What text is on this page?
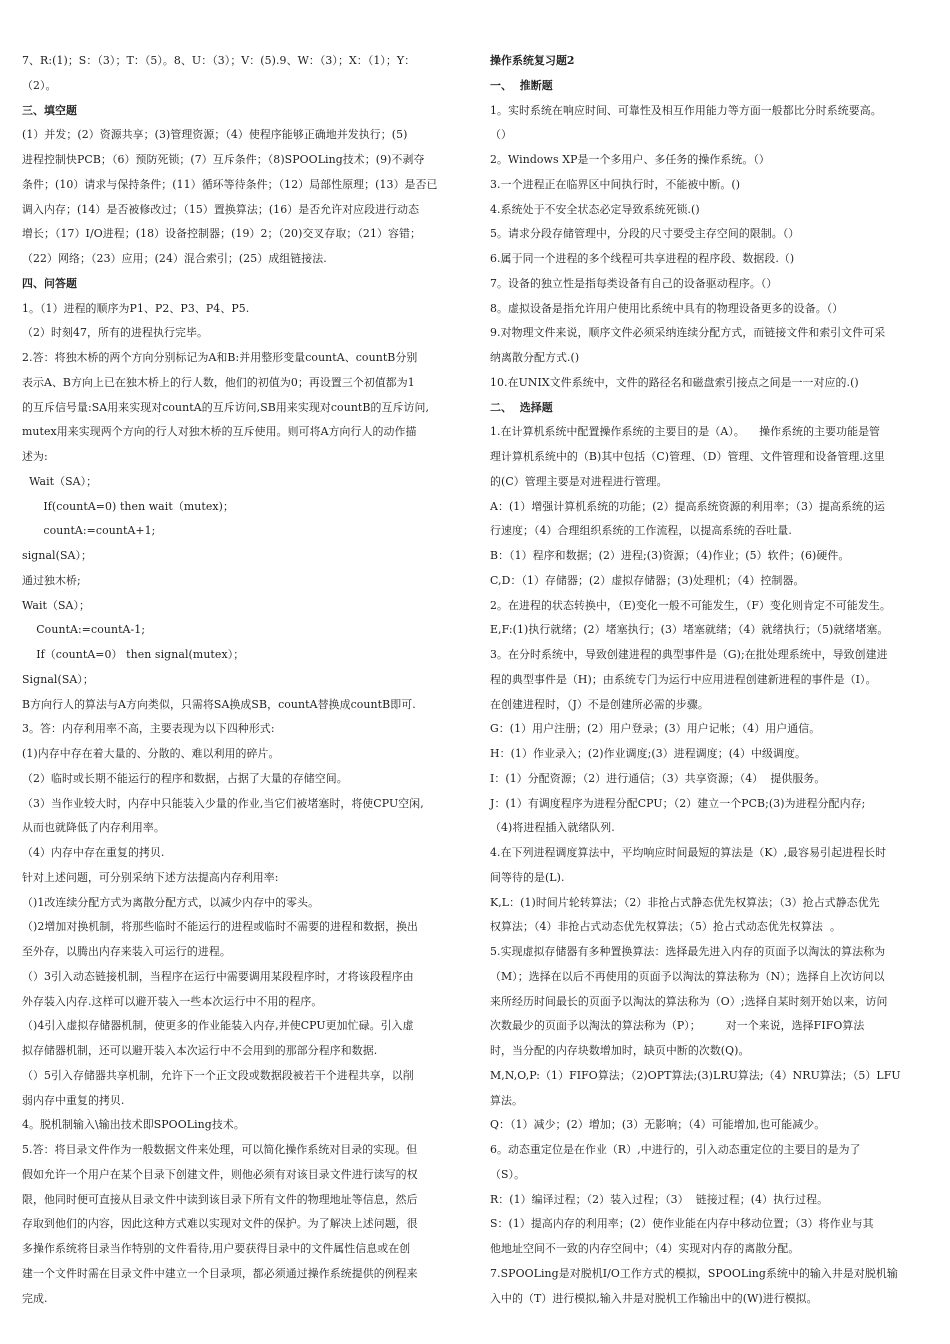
7、R:(1)；S：（3）；T：（5）。8、U：（3）；V：(5).9、W：（3）；X：（1）；Y：
（2）。
三、填空题
(1）并发；(2）资源共享；(3)管理资源；（4）使程序能够正确地并发执行；(5)
进程控制快PCB；（6）预防死锁；(7）互斥条件；（8)SPOOLing技术；(9)不剥夺
条件；(10）请求与保持条件；(11）循环等待条件；（12）局部性原理；(13）是否已
调入内存；(14）是否被修改过；（15）置换算法；(16）是否允许对应段进行动态
增长；（17）I/O进程；(18）设备控制器；(19）2；（20)交叉存取；（21）容错；
（22）网络；（23）应用；(24）混合索引；(25）成组链接法.
四、问答题
1。（1）进程的顺序为P1、P2、P3、P4、P5.
（2）时刻47，所有的进程执行完毕。
2.答：将独木桥的两个方向分别标记为A和B:并用整形变量countA、countB分别
表示A、B方向上已在独木桥上的行人数，他们的初值为0；再设置三个初值都为1
的互斥信号量:SA用来实现对countA的互斥访问,SB用来实现对countB的互斥访问,
mutex用来实现两个方向的行人对独木桥的互斥使用。则可将A方向行人的动作描
述为:
Wait（SA）；
If(countA=0) then wait（mutex)；
countA:=countA+1;
signal(SA）；
通过独木桥;
Wait（SA）；
CountA:=countA-1;
If（countA=0） then signal(mutex）；
Signal(SA）；
B方向行人的算法与A方向类似，只需将SA换成SB，countA替换成countB即可.
3。答：内存利用率不高，主要表现为以下四种形式:
(1)内存中存在着大量的、分散的、难以利用的碎片。
（2）临时或长期不能运行的程序和数据，占据了大量的存储空间。
（3）当作业较大时，内存中只能装入少量的作业,当它们被堵塞时，将使CPU空闲,
从而也就降低了内存利用率。
（4）内存中存在重复的拷贝.
针对上述问题，可分别采纳下述方法提高内存利用率:
（)1改连续分配方式为离散分配方式，以减少内存中的零头。
（)2增加对换机制，将那些临时不能运行的进程或临时不需要的进程和数据，换出
至外存，以腾出内存来装入可运行的进程。
（）3引入动态链接机制，当程序在运行中需要调用某段程序时，才将该段程序由
外存装入内存.这样可以避开装入一些本次运行中不用的程序。
（)4引入虚拟存储器机制，使更多的作业能装入内存,并使CPU更加忙碌。引入虚
拟存储器机制，还可以避开装入本次运行中不会用到的那部分程序和数据.
（）5引入存储器共享机制，允许下一个正文段或数据段被若干个进程共享，以削
弱内存中重复的拷贝.
4。脱机制输入\输出技术即SPOOLing技术。
5.答：将目录文件作为一般数据文件来处理，可以简化操作系统对目录的实现。但
假如允许一个用户在某个目录下创建文件，则他必须有对该目录文件进行读写的权
限，他同时便可直接从目录文件中读到该目录下所有文件的物理地址等信息，然后
存取到他们的内容，因此这种方式难以实现对文件的保护。为了解决上述问题，很
多操作系统将目录当作特别的文件看待,用户要获得目录中的文件属性信息或在创
建一个文件时需在目录文件中建立一个目录项，都必须通过操作系统提供的例程来
完成.
操作系统复习题2
一、  推断题
1。实时系统在响应时间、可靠性及相互作用能力等方面一般都比分时系统要高。
（）
2。Windows XP是一个多用户、多任务的操作系统。（）
3.一个进程正在临界区中间执行时，不能被中断。()
4.系统处于不安全状态必定导致系统死锁.()
5。请求分段存储管理中，分段的尺寸要受主存空间的限制。（）
6.属于同一个进程的多个线程可共享进程的程序段、数据段.（)
7。设备的独立性是指每类设备有自己的设备驱动程序。（）
8。虚拟设备是指允许用户使用比系统中具有的物理设备更多的设备。（）
9.对物理文件来说，顺序文件必须采纳连续分配方式，而链接文件和索引文件可采
纳离散分配方式.()
10.在UNIX文件系统中，文件的路径名和磁盘索引接点之间是一一对应的.()
二、  选择题
1.在计算机系统中配置操作系统的主要目的是（A）。    操作系统的主要功能是管
理计算机系统中的（B)其中包括（C)管理、（D）管理、文件管理和设备管理.这里
的(C）管理主要是对进程进行管理。
A：(1）增强计算机系统的功能；(2）提高系统资源的利用率；（3）提高系统的运
行速度；（4）合理组织系统的工作流程，以提高系统的吞吐量.
B：（1）程序和数据；(2）进程;(3)资源；（4)作业；(5）软件；(6)硬件。
C,D：（1）存储器；(2）虚拟存储器；(3)处理机；（4）控制器。
2。在进程的状态转换中，（E)变化一般不可能发生，（F）变化则肯定不可能发生。
E,F:(1)执行就绪；(2）堵塞执行；(3）堵塞就绪；（4）就绪执行；（5)就绪堵塞。
3。在分时系统中，导致创建进程的典型事件是（G);在批处理系统中，导致创建进
程的典型事件是（H)；由系统专门为运行中应用进程创建新进程的事件是（I）。
在创建进程时，（J）不是创建所必需的步骤。
G：(1）用户注册；(2）用户登录；(3）用户记帐；（4）用户通信。
H：(1）作业录入；(2)作业调度;(3）进程调度；(4）中级调度。
I：(1）分配资源；（2）进行通信；（3）共享资源；（4）  提供服务。
J：(1）有调度程序为进程分配CPU；（2）建立一个PCB;(3)为进程分配内存;
（4)将进程插入就绪队列.
4.在下列进程调度算法中，平均响应时间最短的算法是（K）,最容易引起进程长时
间等待的是(L).
K,L：(1)时间片轮转算法；（2）非抢占式静态优先权算法；（3）抢占式静态优先
权算法；（4）非抢占式动态优先权算法；（5）抢占式动态优先权算法  。
5.实现虚拟存储器有多种置换算法：选择最先进入内存的页面予以淘汰的算法称为
（M）；选择在以后不再使用的页面予以淘汰的算法称为（N）；选择自上次访问以
来所经历时间最长的页面予以淘汰的算法称为（O）;选择自某时刻开始以来，访问
次数最少的页面予以淘汰的算法称为（P）；       对一个来说，选择FIFO算法
时，当分配的内存块数增加时，缺页中断的次数(Q)。
M,N,O,P:（1）FIFO算法；（2)OPT算法;(3)LRU算法;（4）NRU算法；（5）LFU
算法。
Q：（1）减少；(2）增加；(3）无影响；（4）可能增加,也可能减少。
6。动态重定位是在作业（R）,中进行的，引入动态重定位的主要目的是为了
（S）。
R：(1）编译过程；（2）装入过程；（3）  链接过程；(4）执行过程。
S：(1）提高内存的利用率；(2）使作业能在内存中移动位置；（3）将作业与其
他地址空间不一致的内存空间中；（4）实现对内存的离散分配。
7.SPOOLing是对脱机I/O工作方式的模拟，SPOOLing系统中的输入井是对脱机输
入中的（T）进行模拟,输入井是对脱机工作输出中的(W)进行模拟。
